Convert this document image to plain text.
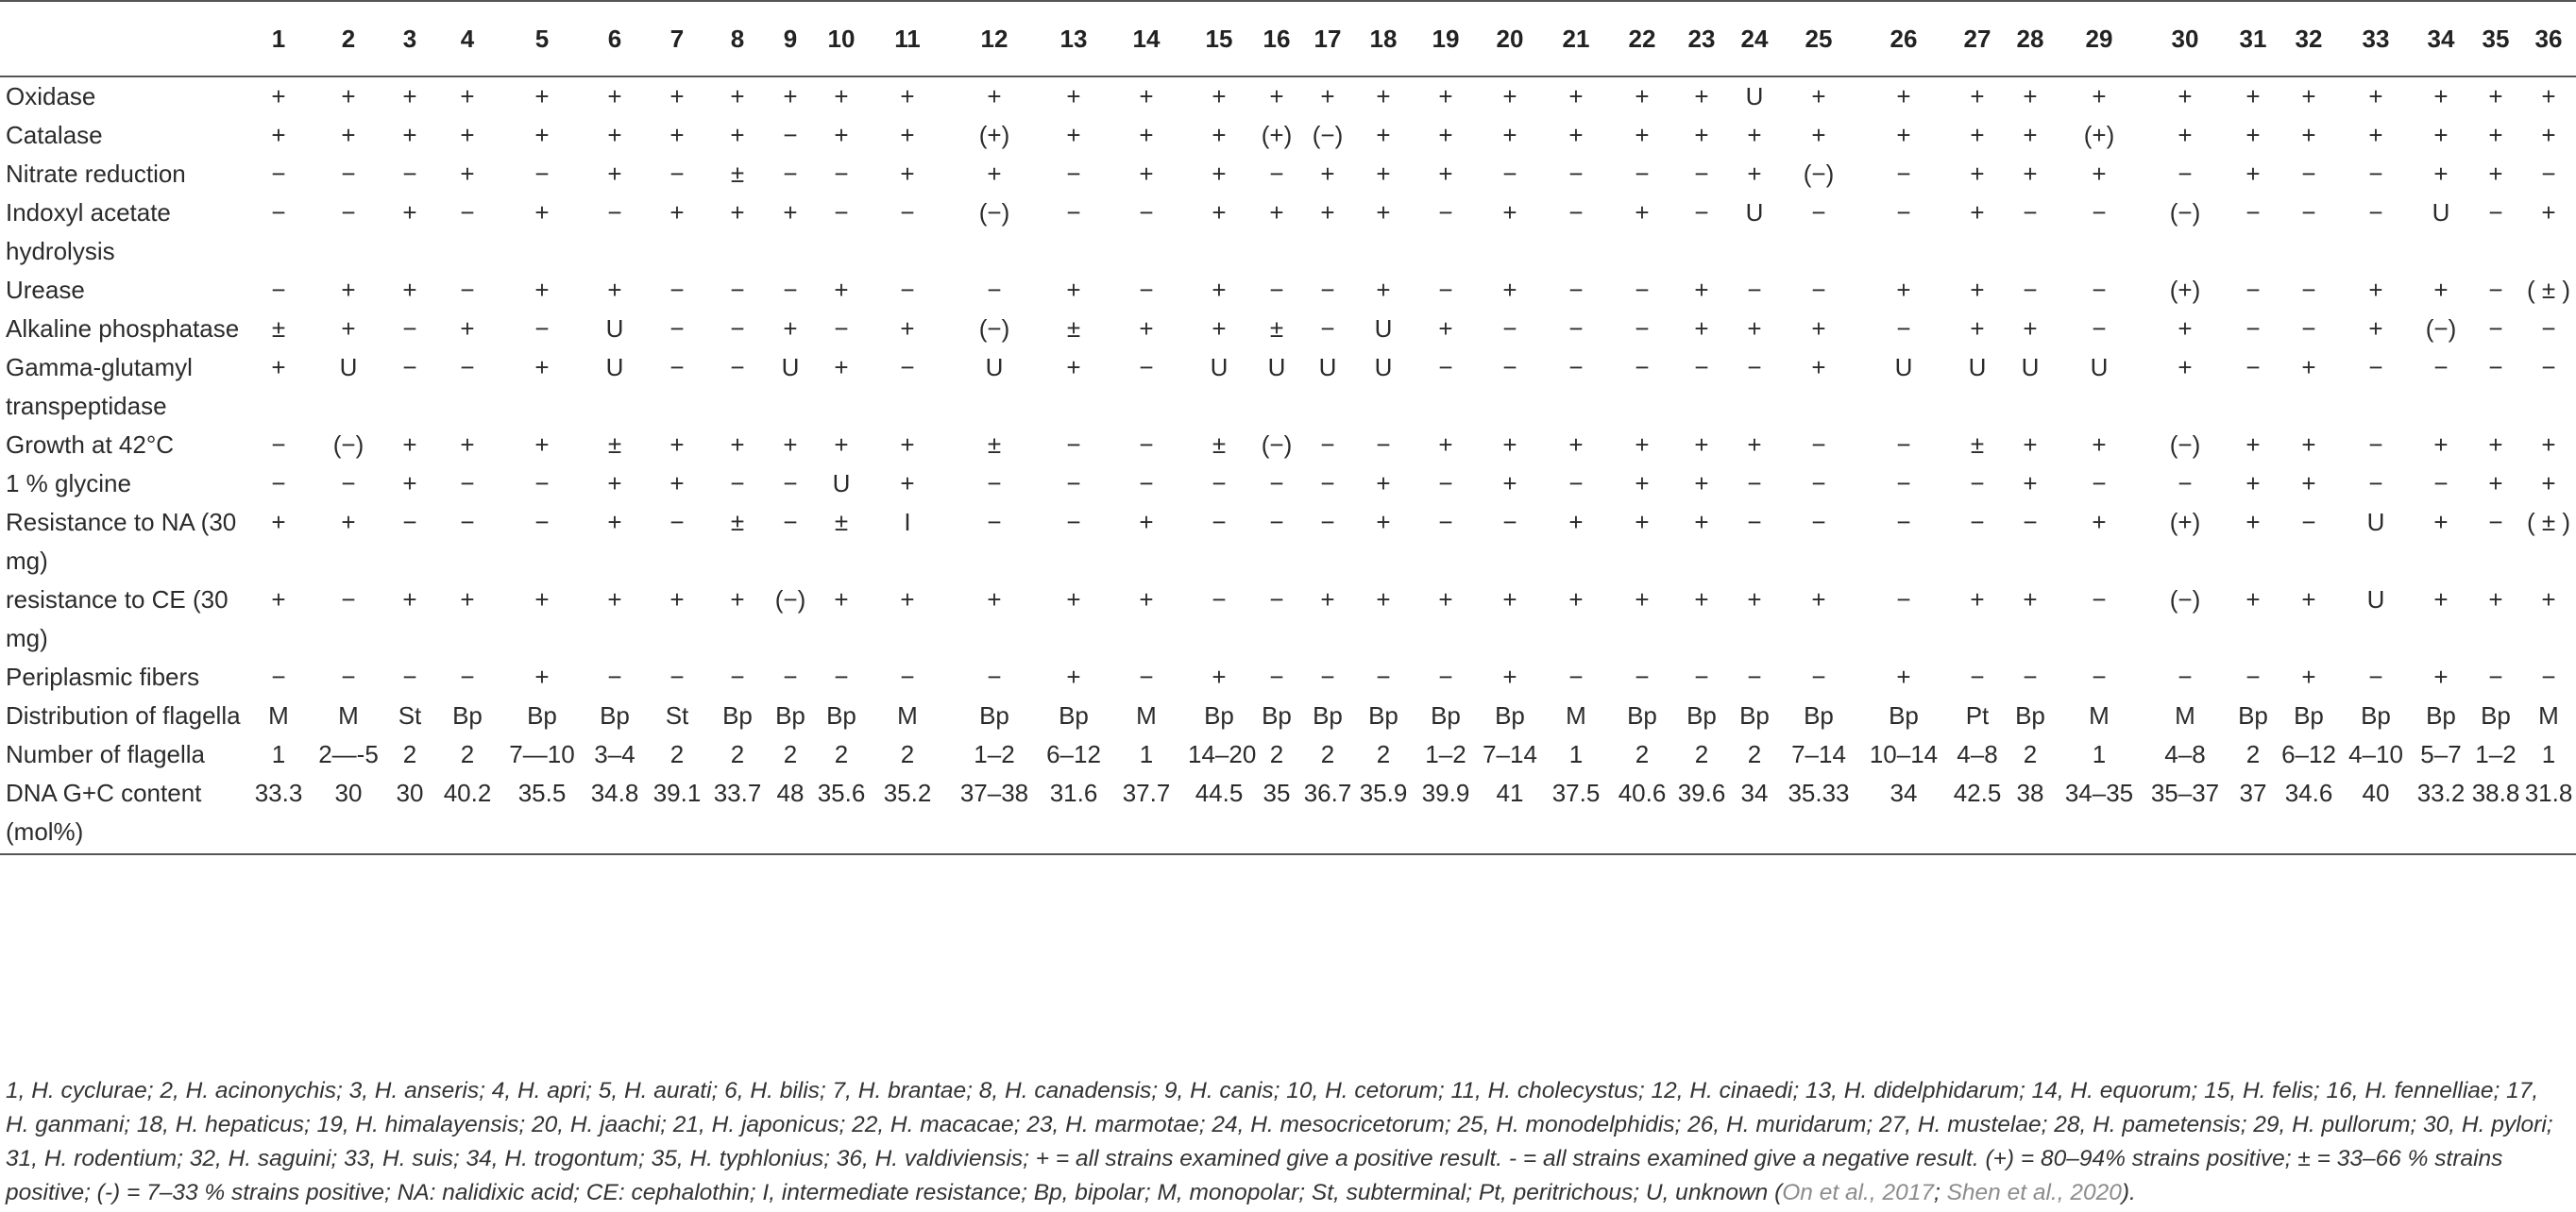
	1	2	3	4	5	6	7	8	9	10	11	12	13	14	15	16	17	18	19	20	21	22	23	24	25	26	27	28	29	30	31	32	33	34	35	36
Oxidase	+	+	+	+	+	+	+	+	+	+	+	+	+	+	+	+	+	+	+	+	+	+	+	U	+	+	+	+	+	+	+	+	+	+	+	+
Catalase	+	+	+	+	+	+	+	+	−	+	+	(+)	+	+	+	(+)	(−)	+	+	+	+	+	+	+	+	+	+	+	(+)	+	+	+	+	+	+	+
Nitrate reduction	−	−	−	+	−	+	−	±	−	−	+	+	−	+	+	−	+	+	+	−	−	−	−	+	(−)	−	+	+	+	−	+	−	−	+	+	−
Indoxyl acetate hydrolysis	−	−	+	−	+	−	+	+	+	−	−	(−)	−	−	+	+	+	+	−	+	−	+	−	U	−	−	+	−	−	(−)	−	−	−	U	−	+
Urease	−	+	+	−	+	+	−	−	−	+	−	−	+	−	+	−	−	+	−	+	−	−	+	−	−	+	+	−	−	(+)	−	−	+	+	−	( ± )
Alkaline phosphatase	±	+	−	+	−	U	−	−	+	−	+	(−)	±	+	+	±	−	U	+	−	−	−	+	+	+	−	+	+	−	+	−	−	+	(−)	−	−
Gamma-glutamyl transpeptidase	+	U	−	−	+	U	−	−	U	+	−	U	+	−	U	U	U	U	−	−	−	−	−	−	+	U	U	U	U	+	−	+	−	−	−	−
Growth at 42°C	−	(−)	+	+	+	±	+	+	+	+	+	±	−	−	±	(−)	−	−	+	+	+	+	+	+	−	−	±	+	+	(−)	+	+	−	+	+	+
1 % glycine	−	−	+	−	−	+	+	−	−	U	+	−	−	−	−	−	−	+	−	+	−	+	+	−	−	−	−	+	−	−	+	+	−	−	+	+
Resistance to NA (30 mg)	+	+	−	−	−	+	−	±	−	±	I	−	−	+	−	−	−	+	−	−	+	+	+	−	−	−	−	−	+	(+)	+	−	U	+	−	( ± )
resistance to CE (30 mg)	+	−	+	+	+	+	+	+	(−)	+	+	+	+	+	−	−	+	+	+	+	+	+	+	+	+	−	+	+	−	(−)	+	+	U	+	+	+
Periplasmic fibers	−	−	−	−	+	−	−	−	−	−	−	−	+	−	+	−	−	−	−	+	−	−	−	−	−	+	−	−	−	−	−	+	−	+	−	−
Distribution of flagella	M	M	St	Bp	Bp	Bp	St	Bp	Bp	Bp	M	Bp	Bp	M	Bp	Bp	Bp	Bp	Bp	Bp	M	Bp	Bp	Bp	Bp	Bp	Pt	Bp	M	M	Bp	Bp	Bp	Bp	Bp	M
Number of flagella	1	2—-5	2	2	7—10	3–4	2	2	2	2	2	1–2	6–12	1	14–20	2	2	2	1–2	7–14	1	2	2	2	7–14	10–14	4–8	2	1	4–8	2	6–12	4–10	5–7	1–2	1
DNA G+C content (mol%)	33.3	30	30	40.2	35.5	34.8	39.1	33.7	48	35.6	35.2	37–38	31.6	37.7	44.5	35	36.7	35.9	39.9	41	37.5	40.6	39.6	34	35.33	34	42.5	38	34–35	35–37	37	34.6	40	33.2	38.8	31.8
1, H. cyclurae; 2, H. acinonychis; 3, H. anseris; 4, H. apri; 5, H. aurati; 6, H. bilis; 7, H. brantae; 8, H. canadensis; 9, H. canis; 10, H. cetorum; 11, H. cholecystus; 12, H. cinaedi; 13, H. didelphidarum; 14, H. equorum; 15, H. felis; 16, H. fennelliae; 17, H. ganmani; 18, H. hepaticus; 19, H. himalayensis; 20, H. jaachi; 21, H. japonicus; 22, H. macacae; 23, H. marmotae; 24, H. mesocricetorum; 25, H. monodelphidis; 26, H. muridarum; 27, H. mustelae; 28, H. pametensis; 29, H. pullorum; 30, H. pylori; 31, H. rodentium; 32, H. saguini; 33, H. suis; 34, H. trogontum; 35, H. typhlonius; 36, H. valdiviensis; + = all strains examined give a positive result. - = all strains examined give a negative result. (+) = 80–94% strains positive; ± = 33–66 % strains positive; (-) = 7–33 % strains positive; NA: nalidixic acid; CE: cephalothin; I, intermediate resistance; Bp, bipolar; M, monopolar; St, subterminal; Pt, peritrichous; U, unknown (On et al., 2017; Shen et al., 2020).
